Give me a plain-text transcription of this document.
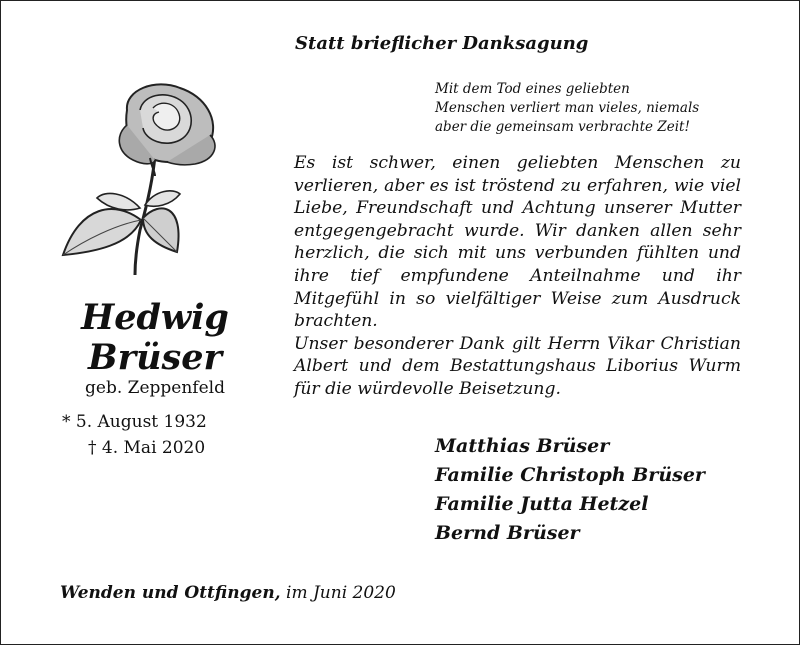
Statt brieflicher Danksagung
Mit dem Tod eines geliebten
Menschen verliert man vieles, niemals
aber die gemeinsam verbrachte Zeit!

Es ist schwer, einen geliebten Menschen zu verlieren, aber es ist tröstend zu erfahren, wie viel Liebe, Freundschaft und Achtung unserer Mutter entgegengebracht wurde. Wir danken allen sehr herzlich, die sich mit uns verbunden fühlten und ihre tief empfundene Anteilnahme und ihr Mitgefühl in so vielfältiger Weise zum Ausdruck brachten.

Unser besonderer Dank gilt Herrn Vikar Christian Albert und dem Bestattungshaus Liborius Wurm für die würdevolle Beisetzung.

Hedwig
Brüser
geb. Zeppenfeld
* 5. August 1932
† 4. Mai 2020	Matthias Brüser
Familie Christoph Brüser
Familie Jutta Hetzel
Bernd Brüser
Wenden und Ottfingen, im Juni 2020
